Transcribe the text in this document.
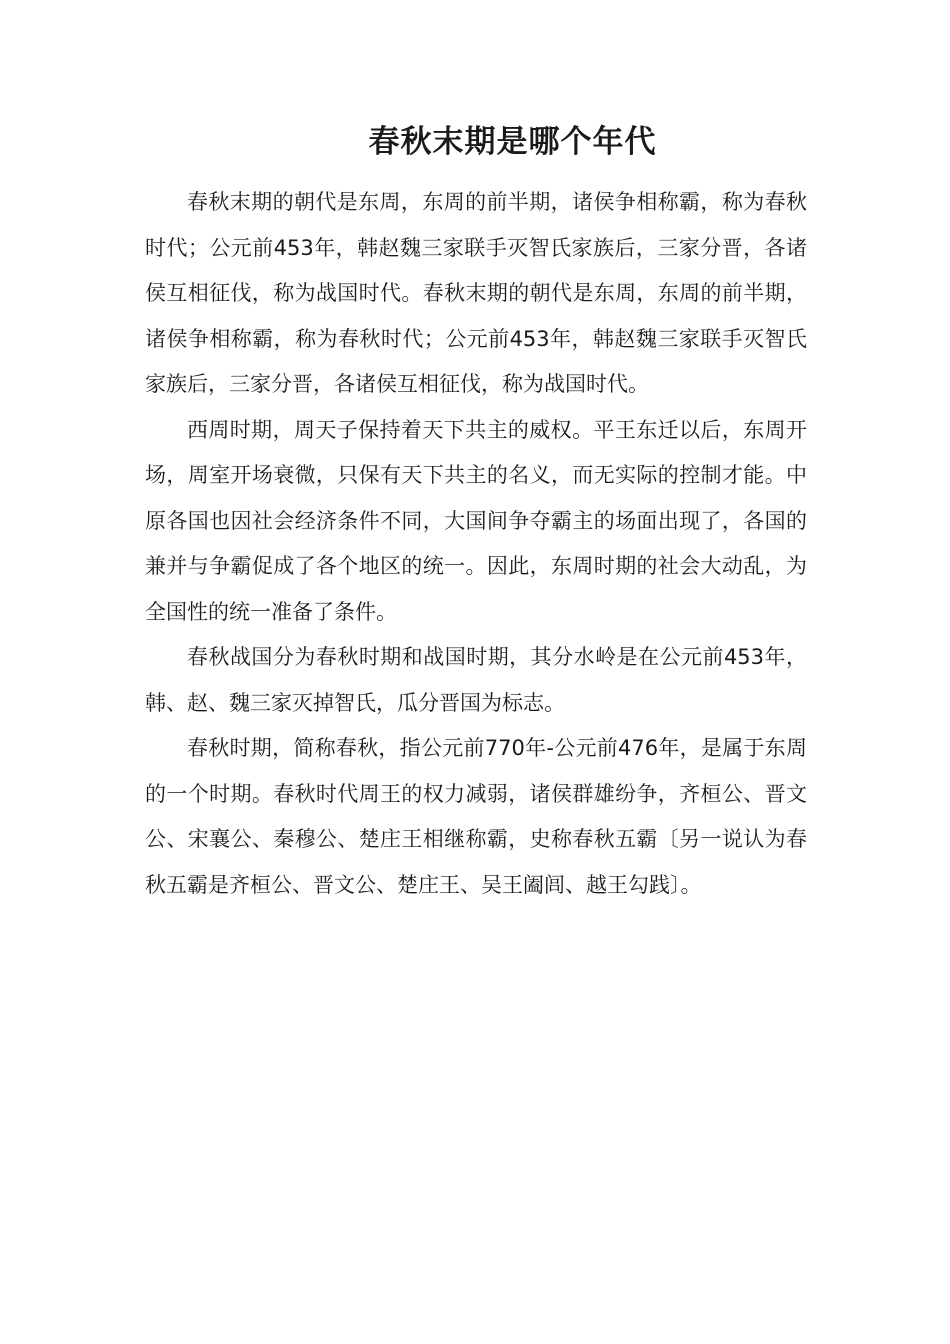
春秋末期是哪个年代

春秋末期的朝代是东周，东周的前半期，诸侯争相称霸，称为春秋时代；公元前453年，韩赵魏三家联手灭智氏家族后，三家分晋，各诸侯互相征伐，称为战国时代。春秋末期的朝代是东周，东周的前半期，诸侯争相称霸，称为春秋时代；公元前453年，韩赵魏三家联手灭智氏家族后，三家分晋，各诸侯互相征伐，称为战国时代。

西周时期，周天子保持着天下共主的威权。平王东迁以后，东周开场，周室开场衰微，只保有天下共主的名义，而无实际的控制才能。中原各国也因社会经济条件不同，大国间争夺霸主的场面出现了，各国的兼并与争霸促成了各个地区的统一。因此，东周时期的社会大动乱，为全国性的统一准备了条件。

春秋战国分为春秋时期和战国时期，其分水岭是在公元前453年，韩、赵、魏三家灭掉智氏，瓜分晋国为标志。

春秋时期，简称春秋，指公元前770年-公元前476年，是属于东周的一个时期。春秋时代周王的权力减弱，诸侯群雄纷争，齐桓公、晋文公、宋襄公、秦穆公、楚庄王相继称霸，史称春秋五霸〔另一说认为春秋五霸是齐桓公、晋文公、楚庄王、吴王阖闾、越王勾践〕。
